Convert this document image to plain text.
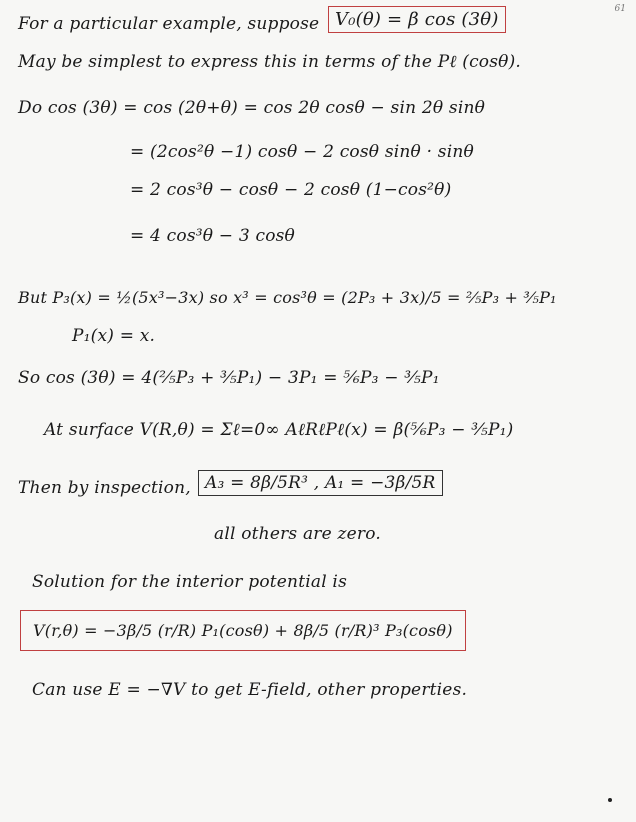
61
For a particular example, suppose V₀(θ) = β cos (3θ)
May be simplest to express this in terms of the Pℓ (cosθ).
Do cos (3θ) = cos (2θ+θ) = cos 2θ cosθ − sin 2θ sinθ
= (2cos²θ −1) cosθ − 2 cosθ sinθ · sinθ
= 2 cos³θ − cosθ − 2 cosθ (1−cos²θ)
= 4 cos³θ − 3 cosθ
But P₃(x) = ½(5x³−3x) so x³ = cos³θ = (2P₃ + 3x)/5 = ⅖P₃ + ⅗P₁
P₁(x) = x.
So cos (3θ) = 4(⅖P₃ + ⅗P₁) − 3P₁ = ⅚P₃ − ⅗P₁
At surface V(R,θ) = Σℓ=0∞ AℓRℓPℓ(x) = β(⅚P₃ − ⅗P₁)
Then by inspection, A₃ = 8β/5R³ , A₁ = −3β/5R
all others are zero.
Solution for the interior potential is
V(r,θ) = −3β/5 (r/R) P₁(cosθ) + 8β/5 (r/R)³ P₃(cosθ)
Can use E = −∇V to get E-field, other properties.
